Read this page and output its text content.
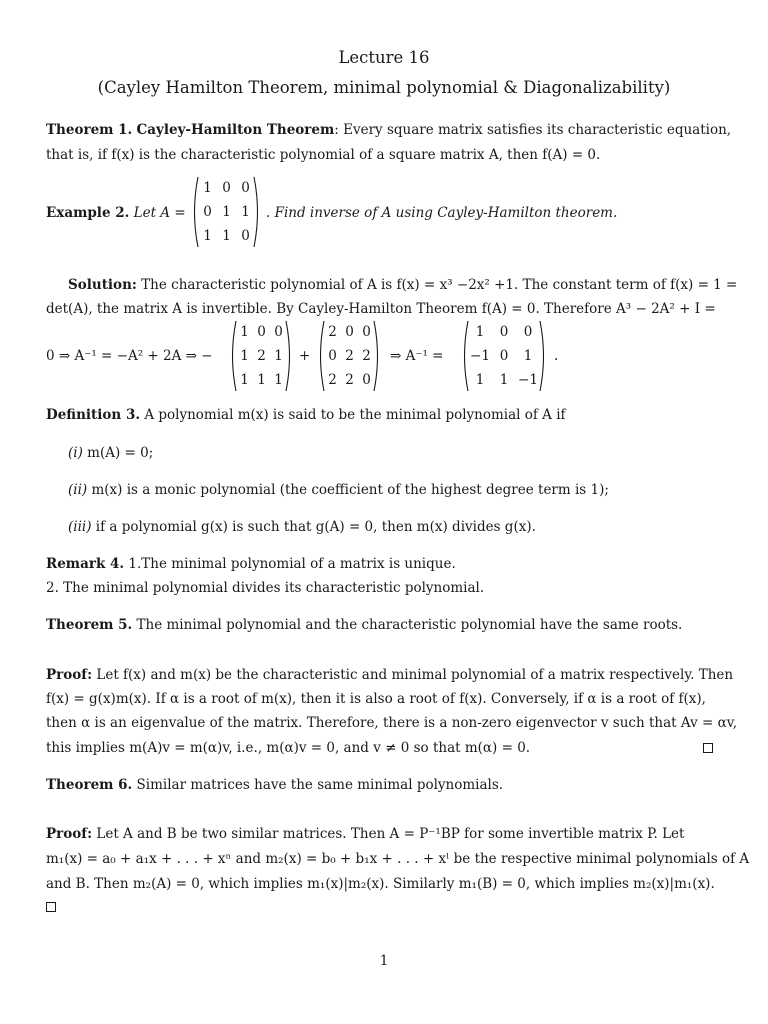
Lecture 16
(Cayley Hamilton Theorem, minimal polynomial & Diagonalizability)
Theorem 1. Cayley-Hamilton Theorem: Every square matrix satisfies its characteristic equation,
that is, if f(x) is the characteristic polynomial of a square matrix A, then f(A) = 0.
Example 2. Let A =
1 0 0
0 1 1
1 1 0
. Find inverse of A using Cayley-Hamilton theorem.
Solution: The characteristic polynomial of A is f(x) = x³ −2x² +1. The constant term of f(x) = 1 =
det(A), the matrix A is invertible. By Cayley-Hamilton Theorem f(A) = 0. Therefore A³ − 2A² + I =
0 ⇒ A⁻¹ = −A² + 2A ⇒ −
1 0 0
1 2 1
1 1 1
+
2 0 0
0 2 2
2 2 0
⇒ A⁻¹ =
1	0	0
−1 0	1
1	1 −1
.
Definition 3. A polynomial m(x) is said to be the minimal polynomial of A if
(i) m(A) = 0;
(ii) m(x) is a monic polynomial (the coefficient of the highest degree term is 1);
(iii) if a polynomial g(x) is such that g(A) = 0, then m(x) divides g(x).
Remark 4. 1.The minimal polynomial of a matrix is unique.
2. The minimal polynomial divides its characteristic polynomial.
Theorem 5. The minimal polynomial and the characteristic polynomial have the same roots.
Proof: Let f(x) and m(x) be the characteristic and minimal polynomial of a matrix respectively. Then
f(x) = g(x)m(x). If α is a root of m(x), then it is also a root of f(x). Conversely, if α is a root of f(x),
then α is an eigenvalue of the matrix. Therefore, there is a non-zero eigenvector v such that Av = αv,
this implies m(A)v = m(α)v, i.e., m(α)v = 0, and v ≠ 0 so that m(α) = 0.
Theorem 6. Similar matrices have the same minimal polynomials.
Proof: Let A and B be two similar matrices. Then A = P⁻¹BP for some invertible matrix P. Let
m₁(x) = a₀ + a₁x + . . . + xⁿ and m₂(x) = b₀ + b₁x + . . . + xˡ be the respective minimal polynomials of A
and B. Then m₂(A) = 0, which implies m₁(x)|m₂(x). Similarly m₁(B) = 0, which implies m₂(x)|m₁(x).
1
